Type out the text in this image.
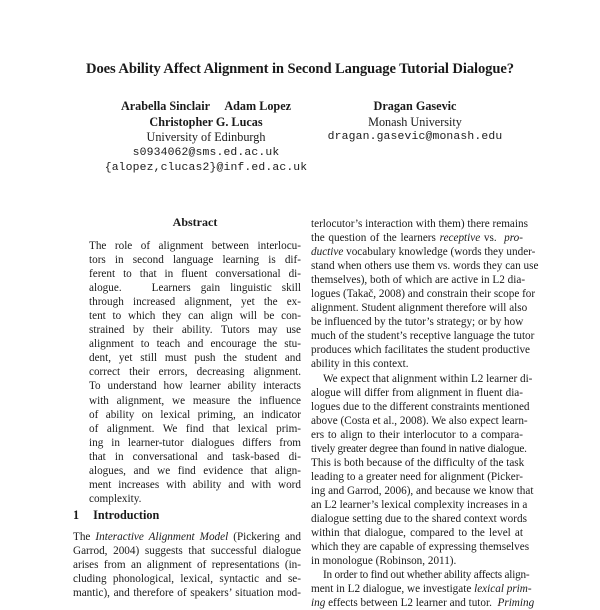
Does Ability Affect Alignment in Second Language Tutorial Dialogue?
Arabella Sinclair     Adam Lopez
Christopher G. Lucas
University of Edinburgh
s0934062@sms.ed.ac.uk
{alopez,clucas2}@inf.ed.ac.uk
Dragan Gasevic
Monash University
dragan.gasevic@monash.edu
Abstract
The role of alignment between interlocu-
tors in second language learning is dif-
ferent to that in fluent conversational di-
alogue.   Learners gain linguistic skill
through increased alignment, yet the ex-
tent to which they can align will be con-
strained by their ability. Tutors may use
alignment to teach and encourage the stu-
dent, yet still must push the student and
correct their errors, decreasing alignment.
To understand how learner ability interacts
with alignment, we measure the influence
of ability on lexical priming, an indicator
of alignment. We find that lexical prim-
ing in learner-tutor dialogues differs from
that in conversational and task-based di-
alogues, and we find evidence that align-
ment increases with ability and with word
complexity.
1 Introduction
The Interactive Alignment Model (Pickering and
Garrod, 2004) suggests that successful dialogue
arises from an alignment of representations (in-
cluding phonological, lexical, syntactic and se-
mantic), and therefore of speakers’ situation mod-
terlocutor’s interaction with them) there remains
the question of the learners receptive vs.  pro-
ductive vocabulary knowledge (words they under-
stand when others use them vs. words they can use
themselves), both of which are active in L2 dia-
logues (Takač, 2008) and constrain their scope for
alignment. Student alignment therefore will also
be influenced by the tutor’s strategy; or by how
much of the student’s receptive language the tutor
produces which facilitates the student productive
ability in this context.
We expect that alignment within L2 learner di-
alogue will differ from alignment in fluent dia-
logues due to the different constraints mentioned
above (Costa et al., 2008). We also expect learn-
ers to align to their interlocutor to a compara-
tively greater degree than found in native dialogue.
This is both because of the difficulty of the task
leading to a greater need for alignment (Picker-
ing and Garrod, 2006), and because we know that
an L2 learner’s lexical complexity increases in a
dialogue setting due to the shared context words
within that dialogue, compared to the level at
which they are capable of expressing themselves
in monologue (Robinson, 2011).
In order to find out whether ability affects align-
ment in L2 dialogue, we investigate lexical prim-
ing effects between L2 learner and tutor.  Priming
